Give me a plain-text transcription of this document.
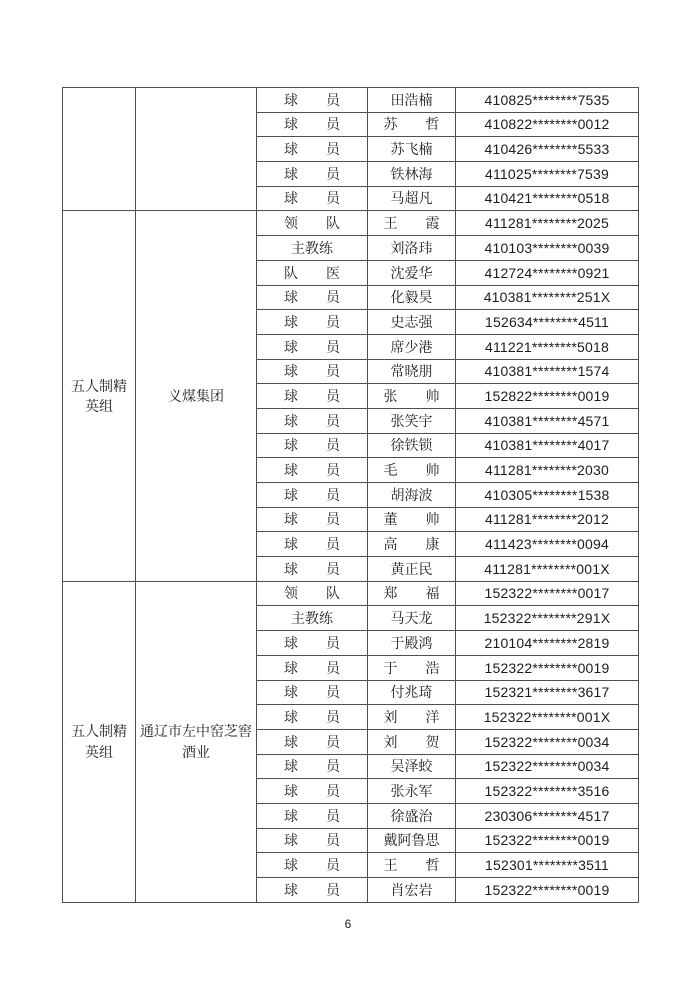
		球员	田浩楠	410825********7535
		球员	苏哲	410822********0012
		球员	苏飞楠	410426********5533
		球员	铁林海	411025********7539
		球员	马超凡	410421********0518
五人制精英组	义煤集团	领队	王霞	411281********2025
		主教练	刘洛玮	410103********0039
		队医	沈爱华	412724********0921
		球员	化毅昊	410381********251X
		球员	史志强	152634********4511
		球员	席少港	411221********5018
		球员	常晓朋	410381********1574
		球员	张帅	152822********0019
		球员	张笑宇	410381********4571
		球员	徐铁锁	410381********4017
		球员	毛帅	411281********2030
		球员	胡海波	410305********1538
		球员	董帅	411281********2012
		球员	高康	411423********0094
		球员	黄正民	411281********001X
五人制精英组	通辽市左中窑芝窖酒业	领队	郑福	152322********0017
		主教练	马天龙	152322********291X
		球员	于殿鸿	210104********2819
		球员	于浩	152322********0019
		球员	付兆琦	152321********3617
		球员	刘洋	152322********001X
		球员	刘贺	152322********0034
		球员	吴泽蛟	152322********0034
		球员	张永军	152322********3516
		球员	徐盛治	230306********4517
		球员	戴阿鲁思	152322********0019
		球员	王哲	152301********3511
		球员	肖宏岩	152322********0019
6
